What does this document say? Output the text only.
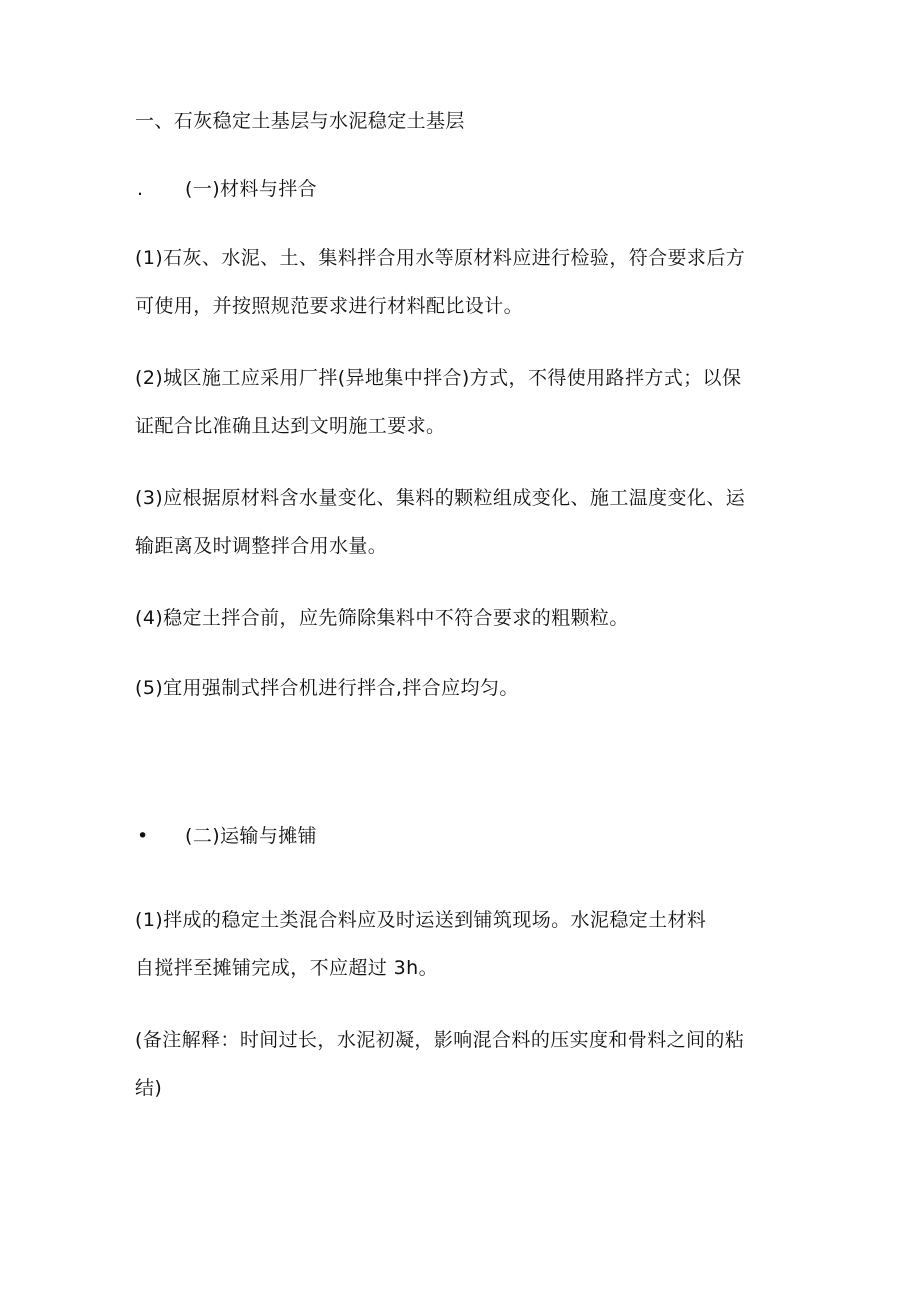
一、石灰稳定土基层与水泥稳定土基层
. (一)材料与拌合
(1)石灰、水泥、土、集料拌合用水等原材料应进行检验，符合要求后方
可使用，并按照规范要求进行材料配比设计。
(2)城区施工应采用厂拌(异地集中拌合)方式，不得使用路拌方式；以保
证配合比准确且达到文明施工要求。
(3)应根据原材料含水量变化、集料的颗粒组成变化、施工温度变化、运
输距离及时调整拌合用水量。
(4)稳定土拌合前，应先筛除集料中不符合要求的粗颗粒。
(5)宜用强制式拌合机进行拌合,拌合应均匀。
• (二)运输与摊铺
(1)拌成的稳定土类混合料应及时运送到铺筑现场。水泥稳定土材料
自搅拌至摊铺完成，不应超过 3h。
(备注解释：时间过长，水泥初凝，影响混合料的压实度和骨料之间的粘
结)
